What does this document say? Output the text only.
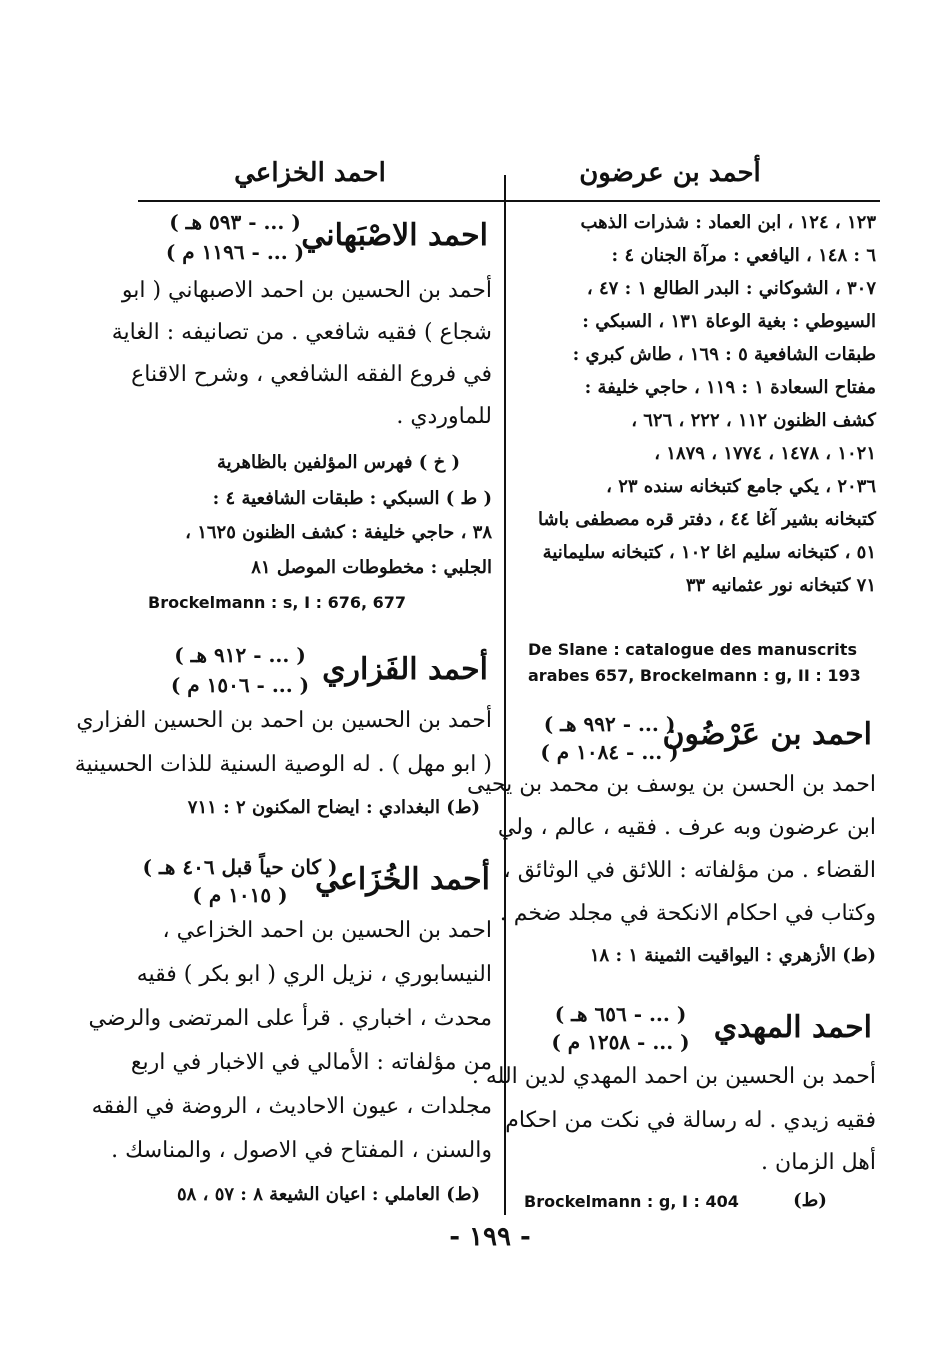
أحمد بن عرضون
احمد الخزاعي
١٢٣ ، ١٢٤ ، ابن العماد : شذرات الذهب
٦ : ١٤٨ ، اليافعي : مرآة الجنان ٤ :
٣٠٧ ، الشوكاني : البدر الطالع ١ : ٤٧ ،
السيوطي : بغية الوعاة ١٣١ ، السبكي :
طبقات الشافعية ٥ : ١٦٩ ، طاش كبري :
مفتاح السعادة ١ : ١١٩ ، حاجي خليفة :
كشف الظنون ١١٢ ، ٢٢٢ ، ٦٢٦ ،
١٠٢١ ، ١٤٧٨ ، ١٧٧٤ ، ١٨٧٩ ،
٢٠٣٦ ، يكي جامع كتبخانه سنده ٢٣ ،
كتبخانه بشير آغا ٤٤ ، دفتر قره مصطفى باشا
٥١ ، كتبخانه سليم اغا ١٠٢ ، كتبخانه سليمانية
٧١ كتبخانه نور عثمانيه ٣٣
De Slane : catalogue des manuscrits
arabes 657, Brockelmann : g, II : 193
احمد بن عَرْضُون
( ... - ٩٩٢ هـ )
( ... - ١٠٨٤ م )
احمد بن الحسن بن يوسف بن محمد بن يحيى
ابن عرضون وبه عرف . فقيه ، عالم ، ولي
القضاء . من مؤلفاته : اللائق في الوثائق ،
وكتاب في احكام الانكحة في مجلد ضخم .
(ط) الأزهري : اليواقيت الثمينة ١ : ١٨
احمد المهدي
( ... - ٦٥٦ هـ )
( ... - ١٢٥٨ م )
أحمد بن الحسين بن احمد المهدي لدين الله .
فقيه زيدي . له رسالة في نكت من احكام
أهل الزمان .
Brockelmann : g, I : 404	(ط)
احمد الاصْبَهاني
( ... - ٥٩٣ هـ )
( ... - ١١٩٦ م )
أحمد بن الحسين بن احمد الاصبهاني ( ابو
شجاع ) فقيه شافعي . من تصانيفه : الغاية
في فروع الفقه الشافعي ، وشرح الاقناع
للماوردي .
( خ ) فهرس المؤلفين بالظاهرية
( ط ) السبكي : طبقات الشافعية ٤ :
٣٨ ، حاجي خليفة : كشف الظنون ١٦٢٥ ،
الجلبي : مخطوطات الموصل ٨١
Brockelmann : s, I : 676, 677
أحمد الفَزاري
( ... - ٩١٢ هـ )
( ... - ١٥٠٦ م )
أحمد بن الحسين بن احمد بن الحسين الفزاري
( ابو مهل ) . له الوصية السنية للذات الحسينية
(ط) البغدادي : ايضاح المكنون ٢ : ٧١١
أحمد الخُزَاعي
( كان حياً قبل ٤٠٦ هـ )
( ١٠١٥ م )
احمد بن الحسين بن احمد الخزاعي ،
النيسابوري ، نزيل الري ( ابو بكر ) فقيه
محدث ، اخباري . قرأ على المرتضى والرضي
من مؤلفاته : الأمالي في الاخبار في اربع
مجلدات ، عيون الاحاديث ، الروضة في الفقه
والسنن ، المفتاح في الاصول ، والمناسك .
(ط) العاملي : اعيان الشيعة ٨ : ٥٧ ، ٥٨
- ١٩٩ -
